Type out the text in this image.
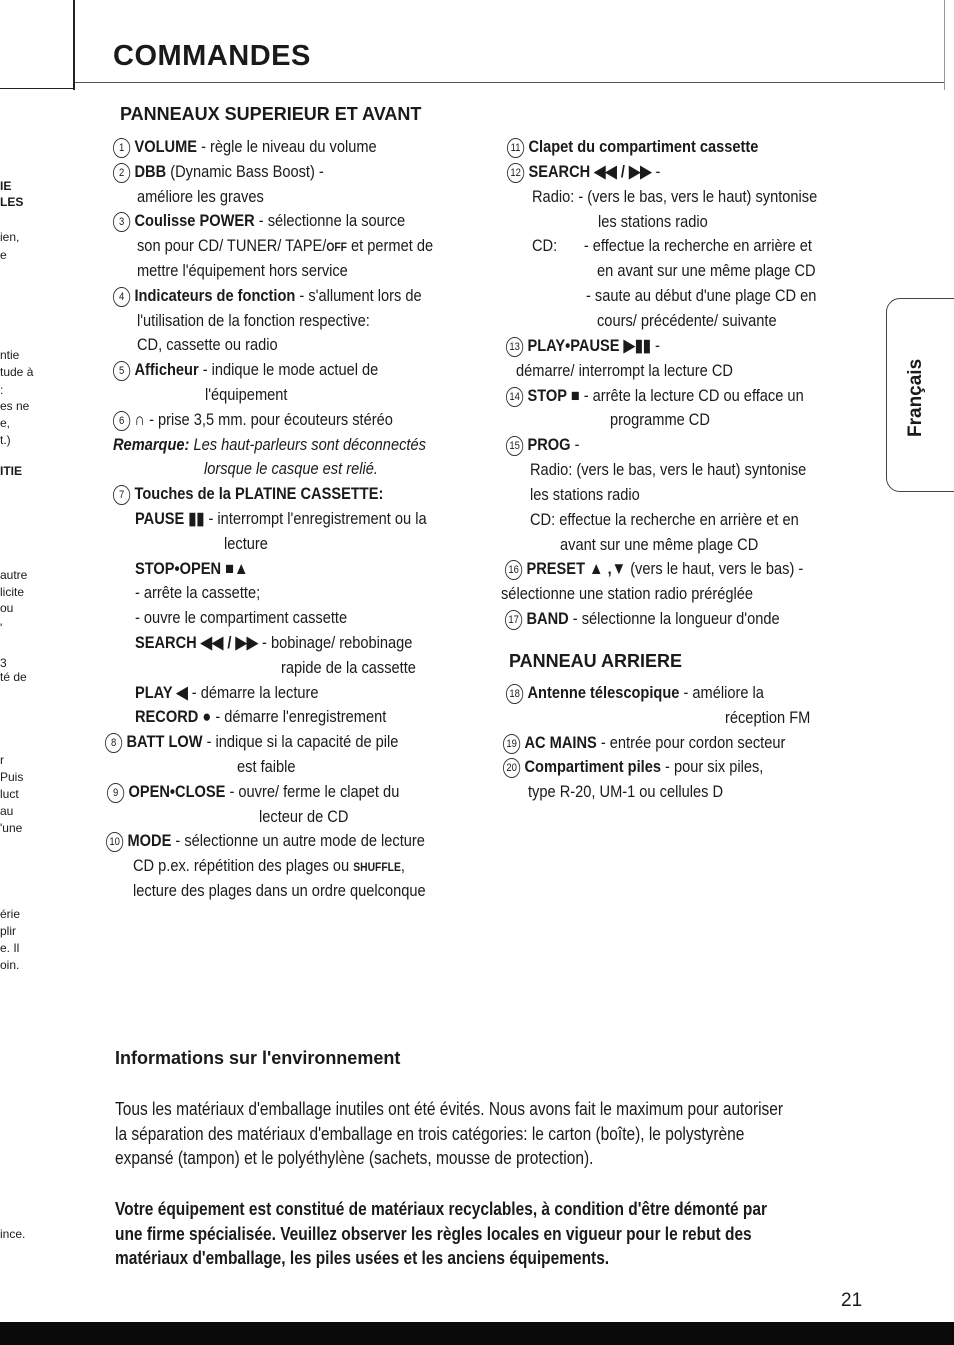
COMMANDES
IE
LES
ien,
e
ntie
tude à
:
es ne
e,
t.)
ITIE
autre
licite
ou
'
3
té de
r
Puis
luct
au
'une
érie
plir
e. Il
oin.
ince.
Français
PANNEAUX SUPERIEUR ET AVANT
PANNEAU ARRIERE
1 VOLUME - règle le niveau du volume
2 DBB (Dynamic Bass Boost) -
améliore les graves
3 Coulisse POWER - sélectionne la source
son pour CD/ TUNER/ TAPE/OFF et permet de
mettre l'équipement hors service
4 Indicateurs de fonction - s'allument lors de
l'utilisation de la fonction respective:
CD, cassette ou radio
5 Afficheur - indique le mode actuel de
l'équipement
6 ∩ - prise 3,5 mm. pour écouteurs stéréo
Remarque: Les haut-parleurs sont déconnectés
lorsque le casque est relié.
7 Touches de la PLATINE CASSETTE:
PAUSE ▮▮ - interrompt l'enregistrement ou la
lecture
STOP•OPEN ■▲
- arrête la cassette;
- ouvre le compartiment cassette
SEARCH ◀◀ / ▶▶ - bobinage/ rebobinage
rapide de la cassette
PLAY ◀ - démarre la lecture
RECORD ● - démarre l'enregistrement
8 BATT LOW - indique si la capacité de pile
est faible
9 OPEN•CLOSE - ouvre/ ferme le clapet du
lecteur de CD
10 MODE - sélectionne un autre mode de lecture
CD p.ex. répétition des plages ou SHUFFLE,
lecture des plages dans un ordre quelconque
11 Clapet du compartiment cassette
12 SEARCH ◀◀ / ▶▶ -
Radio: - (vers le bas, vers le haut) syntonise
les stations radio
CD: - effectue la recherche en arrière et
en avant sur une même plage CD
- saute au début d'une plage CD en
cours/ précédente/ suivante
13 PLAY•PAUSE ▶▮▮ -
démarre/ interrompt la lecture CD
14 STOP ■ - arrête la lecture CD ou efface un
programme CD
15 PROG -
Radio: (vers le bas, vers le haut) syntonise
les stations radio
CD: effectue la recherche en arrière et en
avant sur une même plage CD
16 PRESET ▲ ,▼ (vers le haut, vers le bas) -
sélectionne une station radio préréglée
17 BAND - sélectionne la longueur d'onde
18 Antenne télescopique - améliore la
réception FM
19 AC MAINS - entrée pour cordon secteur
20 Compartiment piles - pour six piles,
type R-20, UM-1 ou cellules D
Informations sur l'environnement
Tous les matériaux d'emballage inutiles ont été évités. Nous avons fait le maximum pour autoriser
la séparation des matériaux d'emballage en trois catégories: le carton (boîte), le polystyrène
expansé (tampon) et le polyéthylène (sachets, mousse de protection).
Votre équipement est constitué de matériaux recyclables, à condition d'être démonté par
une firme spécialisée. Veuillez observer les règles locales en vigueur pour le rebut des
matériaux d'emballage, les piles usées et les anciens équipements.
21
